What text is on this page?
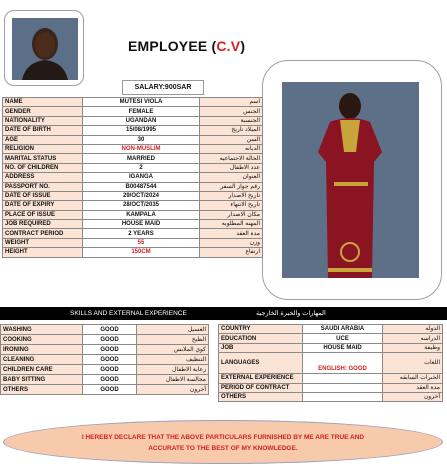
EMPLOYEE (C.V)
SALARY:900SAR
NAME	MUTESI VIOLA	اسم
GENDER	FEMALE	الجنس
NATIONALITY	UGANDAN	الجنسية
DATE OF BIRTH	15/08/1995	الميلاد تاريخ
AGE	30	السن
RELIGION	NON-MUSLIM	الديانه
MARITAL STATUS	MARRIED	الحالة الاجتماعيه
NO. OF CHILDREN	2	عدد الاطفال
ADDRESS	IGANGA	العنوان
PASSPORT NO.	B00487544	رقم جواز السفر
DATE OF ISSUE	29/OCT/2024	تاريخ الاصدار
DATE OF EXPIRY	28/OCT/2035	تاريخ الانتهاء
PLACE OF ISSUE	KAMPALA	مكان الاصدار
JOB REQUIRED	HOUSE MAID	المهنه المطلوبه
CONTRACT PERIOD	2 YEARS	مدة العقد
WEIGHT	55	وزن
HEIGHT	150CM	ارتفاع
SKILLS AND EXTERNAL EXPERIENCE	المهارات والخبرة الخارجية
WASHING	GOOD	الغسيل
COOKING	GOOD	الطبخ
IRONING	GOOD	كوي الملابس
CLEANING	GOOD	التنظيف
CHILDREN CARE	GOOD	رعاية الاطفال
BABY SITTING	GOOD	مجالسة الاطفال
OTHERS	GOOD	أخرون
COUNTRY	SAUDI ARABIA	الدوله
EDUCATION	UCE	الدراسه
JOB	HOUSE MAID	وظيفة
LANGUAGES	ENGLISH: GOOD	اللغات
EXTERNAL EXPERIENCE		الخبرات السابقه
PERIOD OF CONTRACT		مدة العقد
OTHERS		أخرون
I HEREBY DECLARE THAT THE ABOVE PARTICULARS FURNISHED BY ME ARE TRUE AND
ACCURATE TO THE BEST OF MY KNOWLEDGE.
